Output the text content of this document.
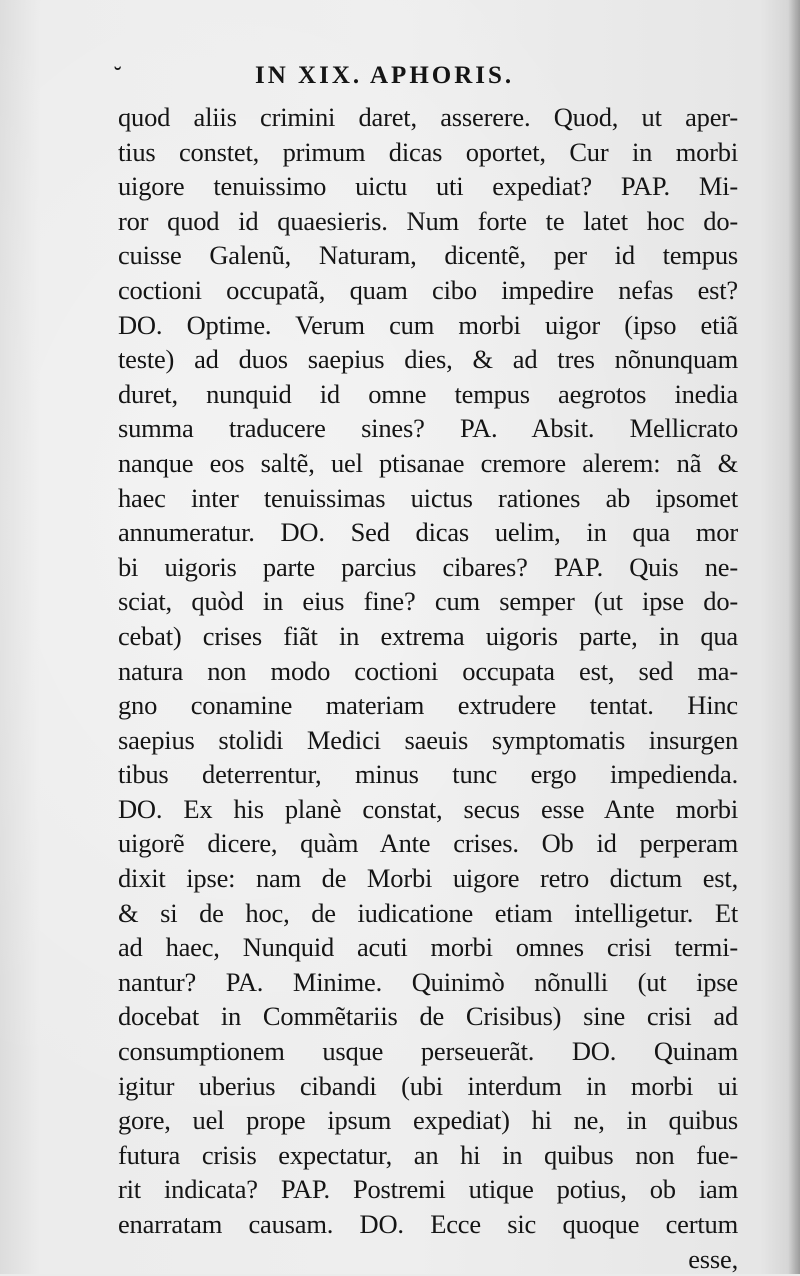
˘	IN XIX. APHORIS.
quod aliis crimini daret, asserere. Quod, ut aper-
tius constet, primum dicas oportet, Cur in morbi
uigore tenuissimo uictu uti expediat? PAP. Mi-
ror quod id quaesieris. Num forte te latet hoc do-
cuisse Galenũ, Naturam, dicentẽ, per id tempus
coctioni occupatã, quam cibo impedire nefas est?
DO. Optime. Verum cum morbi uigor (ipso etiã
teste) ad duos saepius dies, & ad tres nõnunquam
duret, nunquid id omne tempus aegrotos inedia
summa traducere sines? PA. Absit. Mellicrato
nanque eos saltẽ, uel ptisanae cremore alerem: nã &
haec inter tenuissimas uictus rationes ab ipsomet
annumeratur. DO. Sed dicas uelim, in qua mor
bi uigoris parte parcius cibares? PAP. Quis ne-
sciat, quòd in eius fine? cum semper (ut ipse do-
cebat) crises fiãt in extrema uigoris parte, in qua
natura non modo coctioni occupata est, sed ma-
gno conamine materiam extrudere tentat. Hinc
saepius stolidi Medici saeuis symptomatis insurgen
tibus deterrentur, minus tunc ergo impedienda.
DO. Ex his planè constat, secus esse Ante morbi
uigorẽ dicere, quàm Ante crises. Ob id perperam
dixit ipse: nam de Morbi uigore retro dictum est,
& si de hoc, de iudicatione etiam intelligetur. Et
ad haec, Nunquid acuti morbi omnes crisi termi-
nantur? PA. Minime. Quinimò nõnulli (ut ipse
docebat in Commẽtariis de Crisibus) sine crisi ad
consumptionem usque perseuerãt. DO. Quinam
igitur uberius cibandi (ubi interdum in morbi ui
gore, uel prope ipsum expediat) hi ne, in quibus
futura crisis expectatur, an hi in quibus non fue-
rit indicata? PAP. Postremi utique potius, ob iam
enarratam causam. DO. Ecce sic quoque certum
esse,
